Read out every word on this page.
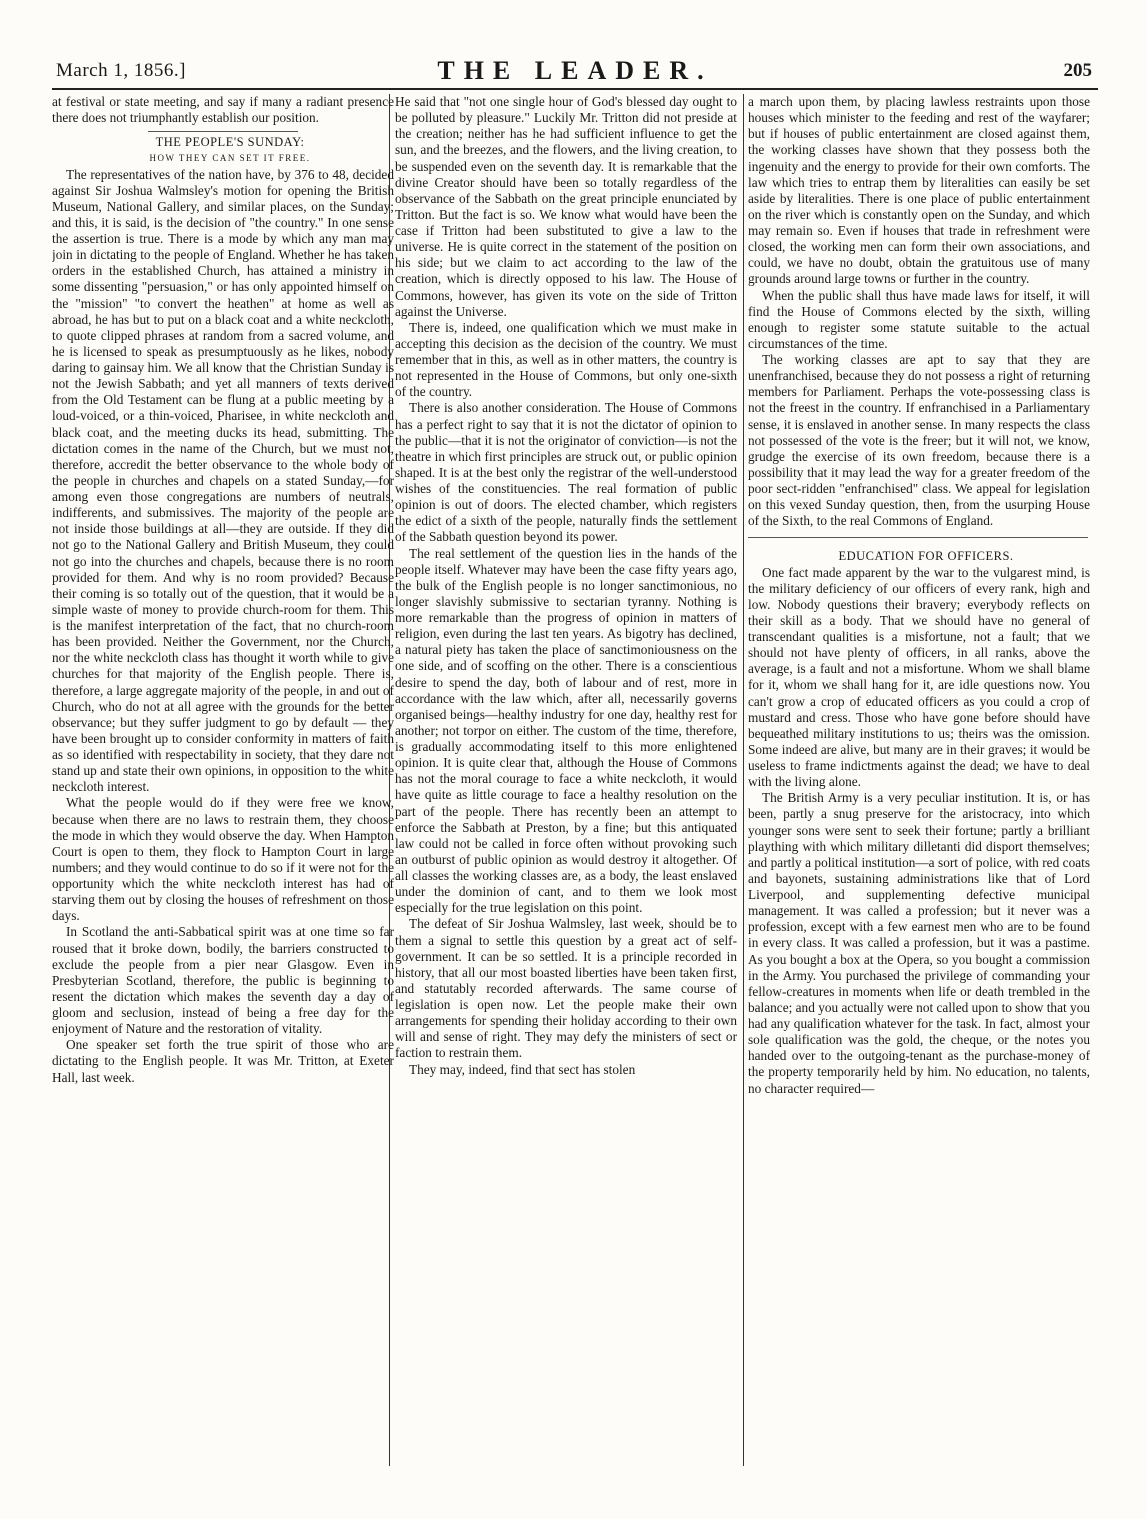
March 1, 1856.]	THE LEADER.	205

at festival or state meeting, and say if many a radiant presence there does not triumphantly establish our position.

THE PEOPLE'S SUNDAY:

HOW THEY CAN SET IT FREE.

The representatives of the nation have, by 376 to 48, decided against Sir Joshua Walmsley's motion for opening the British Museum, National Gallery, and similar places, on the Sunday; and this, it is said, is the decision of "the country." In one sense the assertion is true. There is a mode by which any man may join in dictating to the people of England. Whether he has taken orders in the established Church, has attained a ministry in some dissenting "persuasion," or has only appointed himself on the "mission" "to convert the heathen" at home as well as abroad, he has but to put on a black coat and a white neckcloth, to quote clipped phrases at random from a sacred volume, and he is licensed to speak as presumptuously as he likes, nobody daring to gainsay him. We all know that the Christian Sunday is not the Jewish Sabbath; and yet all manners of texts derived from the Old Testament can be flung at a public meeting by a loud-voiced, or a thin-voiced, Pharisee, in white neckcloth and black coat, and the meeting ducks its head, submitting. The dictation comes in the name of the Church, but we must not, therefore, accredit the better observance to the whole body of the people in churches and chapels on a stated Sunday,—for among even those congregations are numbers of neutrals, indifferents, and submissives. The majority of the people are not inside those buildings at all—they are outside. If they did not go to the National Gallery and British Museum, they could not go into the churches and chapels, because there is no room provided for them. And why is no room provided? Because their coming is so totally out of the question, that it would be a simple waste of money to provide church-room for them. This is the manifest interpretation of the fact, that no church-room has been provided. Neither the Government, nor the Church, nor the white neckcloth class has thought it worth while to give churches for that majority of the English people. There is, therefore, a large aggregate majority of the people, in and out of Church, who do not at all agree with the grounds for the better observance; but they suffer judgment to go by default — they have been brought up to consider conformity in matters of faith as so identified with respectability in society, that they dare not stand up and state their own opinions, in opposition to the white neckcloth interest.

What the people would do if they were free we know, because when there are no laws to restrain them, they choose the mode in which they would observe the day. When Hampton Court is open to them, they flock to Hampton Court in large numbers; and they would continue to do so if it were not for the opportunity which the white neckcloth interest has had of starving them out by closing the houses of refreshment on those days.

In Scotland the anti-Sabbatical spirit was at one time so far roused that it broke down, bodily, the barriers constructed to exclude the people from a pier near Glasgow. Even in Presbyterian Scotland, therefore, the public is beginning to resent the dictation which makes the seventh day a day of gloom and seclusion, instead of being a free day for the enjoyment of Nature and the restoration of vitality.

One speaker set forth the true spirit of those who are dictating to the English people. It was Mr. Tritton, at Exeter Hall, last week.

He said that "not one single hour of God's blessed day ought to be polluted by pleasure." Luckily Mr. Tritton did not preside at the creation; neither has he had sufficient influence to get the sun, and the breezes, and the flowers, and the living creation, to be suspended even on the seventh day. It is remarkable that the divine Creator should have been so totally regardless of the observance of the Sabbath on the great principle enunciated by Tritton. But the fact is so. We know what would have been the case if Tritton had been substituted to give a law to the universe. He is quite correct in the statement of the position on his side; but we claim to act according to the law of the creation, which is directly opposed to his law. The House of Commons, however, has given its vote on the side of Tritton against the Universe.

There is, indeed, one qualification which we must make in accepting this decision as the decision of the country. We must remember that in this, as well as in other matters, the country is not represented in the House of Commons, but only one-sixth of the country.

There is also another consideration. The House of Commons has a perfect right to say that it is not the dictator of opinion to the public—that it is not the originator of conviction—is not the theatre in which first principles are struck out, or public opinion shaped. It is at the best only the registrar of the well-understood wishes of the constituencies. The real formation of public opinion is out of doors. The elected chamber, which registers the edict of a sixth of the people, naturally finds the settlement of the Sabbath question beyond its power.

The real settlement of the question lies in the hands of the people itself. Whatever may have been the case fifty years ago, the bulk of the English people is no longer sanctimonious, no longer slavishly submissive to sectarian tyranny. Nothing is more remarkable than the progress of opinion in matters of religion, even during the last ten years. As bigotry has declined, a natural piety has taken the place of sanctimoniousness on the one side, and of scoffing on the other. There is a conscientious desire to spend the day, both of labour and of rest, more in accordance with the law which, after all, necessarily governs organised beings—healthy industry for one day, healthy rest for another; not torpor on either. The custom of the time, therefore, is gradually accommodating itself to this more enlightened opinion. It is quite clear that, although the House of Commons has not the moral courage to face a white neckcloth, it would have quite as little courage to face a healthy resolution on the part of the people. There has recently been an attempt to enforce the Sabbath at Preston, by a fine; but this antiquated law could not be called in force often without provoking such an outburst of public opinion as would destroy it altogether. Of all classes the working classes are, as a body, the least enslaved under the dominion of cant, and to them we look most especially for the true legislation on this point.

The defeat of Sir Joshua Walmsley, last week, should be to them a signal to settle this question by a great act of self-government. It can be so settled. It is a principle recorded in history, that all our most boasted liberties have been taken first, and statutably recorded afterwards. The same course of legislation is open now. Let the people make their own arrangements for spending their holiday according to their own will and sense of right. They may defy the ministers of sect or faction to restrain them.

They may, indeed, find that sect has stolen

a march upon them, by placing lawless restraints upon those houses which minister to the feeding and rest of the wayfarer; but if houses of public entertainment are closed against them, the working classes have shown that they possess both the ingenuity and the energy to provide for their own comforts. The law which tries to entrap them by literalities can easily be set aside by literalities. There is one place of public entertainment on the river which is constantly open on the Sunday, and which may remain so. Even if houses that trade in refreshment were closed, the working men can form their own associations, and could, we have no doubt, obtain the gratuitous use of many grounds around large towns or further in the country.

When the public shall thus have made laws for itself, it will find the House of Commons elected by the sixth, willing enough to register some statute suitable to the actual circumstances of the time.

The working classes are apt to say that they are unenfranchised, because they do not possess a right of returning members for Parliament. Perhaps the vote-possessing class is not the freest in the country. If enfranchised in a Parliamentary sense, it is enslaved in another sense. In many respects the class not possessed of the vote is the freer; but it will not, we know, grudge the exercise of its own freedom, because there is a possibility that it may lead the way for a greater freedom of the poor sect-ridden "enfranchised" class. We appeal for legislation on this vexed Sunday question, then, from the usurping House of the Sixth, to the real Commons of England.

EDUCATION FOR OFFICERS.

One fact made apparent by the war to the vulgarest mind, is the military deficiency of our officers of every rank, high and low. Nobody questions their bravery; everybody reflects on their skill as a body. That we should have no general of transcendant qualities is a misfortune, not a fault; that we should not have plenty of officers, in all ranks, above the average, is a fault and not a misfortune. Whom we shall blame for it, whom we shall hang for it, are idle questions now. You can't grow a crop of educated officers as you could a crop of mustard and cress. Those who have gone before should have bequeathed military institutions to us; theirs was the omission. Some indeed are alive, but many are in their graves; it would be useless to frame indictments against the dead; we have to deal with the living alone.

The British Army is a very peculiar institution. It is, or has been, partly a snug preserve for the aristocracy, into which younger sons were sent to seek their fortune; partly a brilliant plaything with which military dilletanti did disport themselves; and partly a political institution—a sort of police, with red coats and bayonets, sustaining administrations like that of Lord Liverpool, and supplementing defective municipal management. It was called a profession; but it never was a profession, except with a few earnest men who are to be found in every class. It was called a profession, but it was a pastime. As you bought a box at the Opera, so you bought a commission in the Army. You purchased the privilege of commanding your fellow-creatures in moments when life or death trembled in the balance; and you actually were not called upon to show that you had any qualification whatever for the task. In fact, almost your sole qualification was the gold, the cheque, or the notes you handed over to the outgoing-tenant as the purchase-money of the property temporarily held by him. No education, no talents, no character required—
